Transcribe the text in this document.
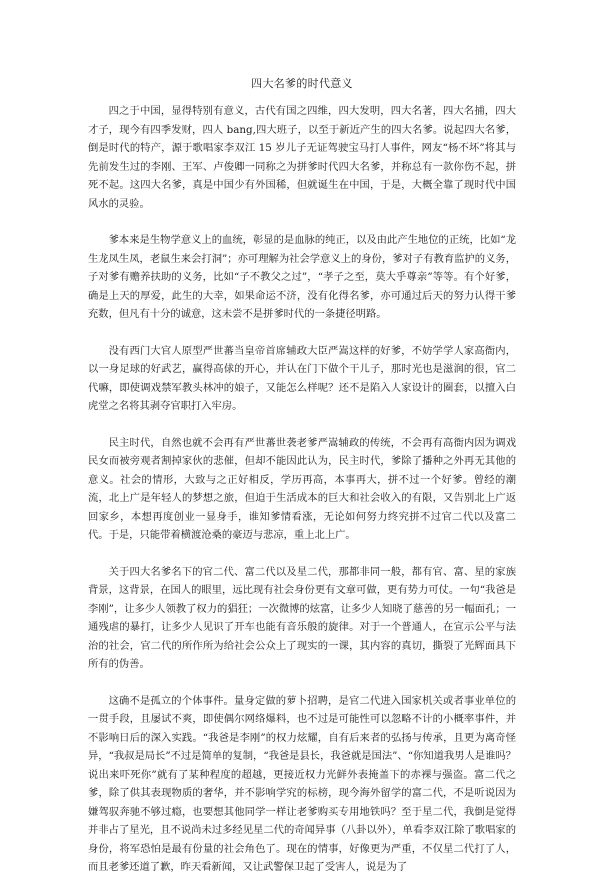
四大名爹的时代意义

四之于中国，显得特别有意义，古代有国之四维，四大发明，四大名著，四大名捕，四大才子，现今有四季发财，四人 bang,四大班子，以至于新近产生的四大名爹。说起四大名爹，倒是时代的特产，源于歌唱家李双江 15 岁儿子无证驾驶宝马打人事件，网友“杨不坏”将其与先前发生过的李刚、王军、卢俊卿一同称之为拼爹时代四大名爹，并称总有一款你伤不起，拼死不起。这四大名爹，真是中国少有外国稀，但就诞生在中国，于是，大概全靠了现时代中国风水的灵验。

爹本来是生物学意义上的血统，彰显的是血脉的纯正，以及由此产生地位的正统，比如“龙生龙凤生凤，老鼠生来会打洞”；亦可理解为社会学意义上的身份，爹对子有教育监护的义务，子对爹有赡养扶助的义务，比如“子不教父之过”，“孝子之至，莫大乎尊亲”等等。有个好爹，确是上天的厚爱，此生的大幸，如果命运不济，没有化得名爹，亦可通过后天的努力认得干爹充数，但凡有十分的诚意，这未尝不是拼爹时代的一条捷径明路。

没有西门大官人原型严世蕃当皇帝首席辅政大臣严嵩这样的好爹，不妨学学人家高衙内，以一身足球的好武艺，赢得高俅的开心，并认在门下做个干儿子，那时光也是滋润的很，官二代嘛，即使调戏禁军教头林冲的娘子，又能怎么样呢？还不是陷入人家设计的圈套，以擅入白虎堂之名将其剥夺官职打入牢房。

民主时代，自然也就不会再有严世蕃世袭老爹严嵩辅政的传统，不会再有高衙内因为调戏民女而被旁观者割掉家伙的悲催，但却不能因此认为，民主时代，爹除了播种之外再无其他的意义。社会的情形，大致与之正好相反，学历再高，本事再大，拼不过一个好爹。曾经的潮流，北上广是年轻人的梦想之旅，但迫于生活成本的巨大和社会收入的有限，又告别北上广返回家乡，本想再度创业一显身手，谁知爹情看涨，无论如何努力终究拼不过官二代以及富二代。于是，只能带着横渡沧桑的豪迈与悲凉，重上北上广。

关于四大名爹名下的官二代、富二代以及星二代，那都非同一般，都有官、富、星的家族背景，这背景，在国人的眼里，远比现有社会身份更有文章可做，更有势力可仗。一句“我爸是李刚”，让多少人领教了权力的猖狂；一次微博的炫富，让多少人知晓了慈善的另一幅面孔；一通残虐的暴打，让多少人见识了开车也能有音乐般的旋律。对于一个普通人，在宣示公平与法治的社会，官二代的所作所为给社会公众上了现实的一课，其内容的真切，撕裂了光辉面具下所有的伪善。

这确不是孤立的个体事件。量身定做的萝卜招聘，是官二代进入国家机关或者事业单位的一贯手段，且屡试不爽，即使偶尔网络爆料，也不过是可能性可以忽略不计的小概率事件，并不影响日后的深入实践。“我爸是李刚”的权力炫耀，自有后来者的弘扬与传承，且更为离奇怪异，“我叔是局长”不过是简单的复制，“我爸是县长，我爸就是国法”、“你知道我男人是谁吗？说出来吓死你”就有了某种程度的超越，更接近权力光鲜外表掩盖下的赤裸与强盗。富二代之爹，除了供其表现物质的奢华，并不影响学究的标榜，现今海外留学的富二代，不是听说因为嫌驾驭奔驰不够过瘾，也要想其他同学一样让老爹购买专用地铁吗？至于星二代，我倒是觉得并非占了星光，且不说尚未过多经见星二代的奇闻异事（八卦以外），单看李双江除了歌唱家的身份，将军恐怕是最有份量的社会角色了。现在的情事，好像更为严重，不仅星二代打了人，而且老爹还道了歉，昨天看新闻，又让武警保卫起了受害人，说是为了
